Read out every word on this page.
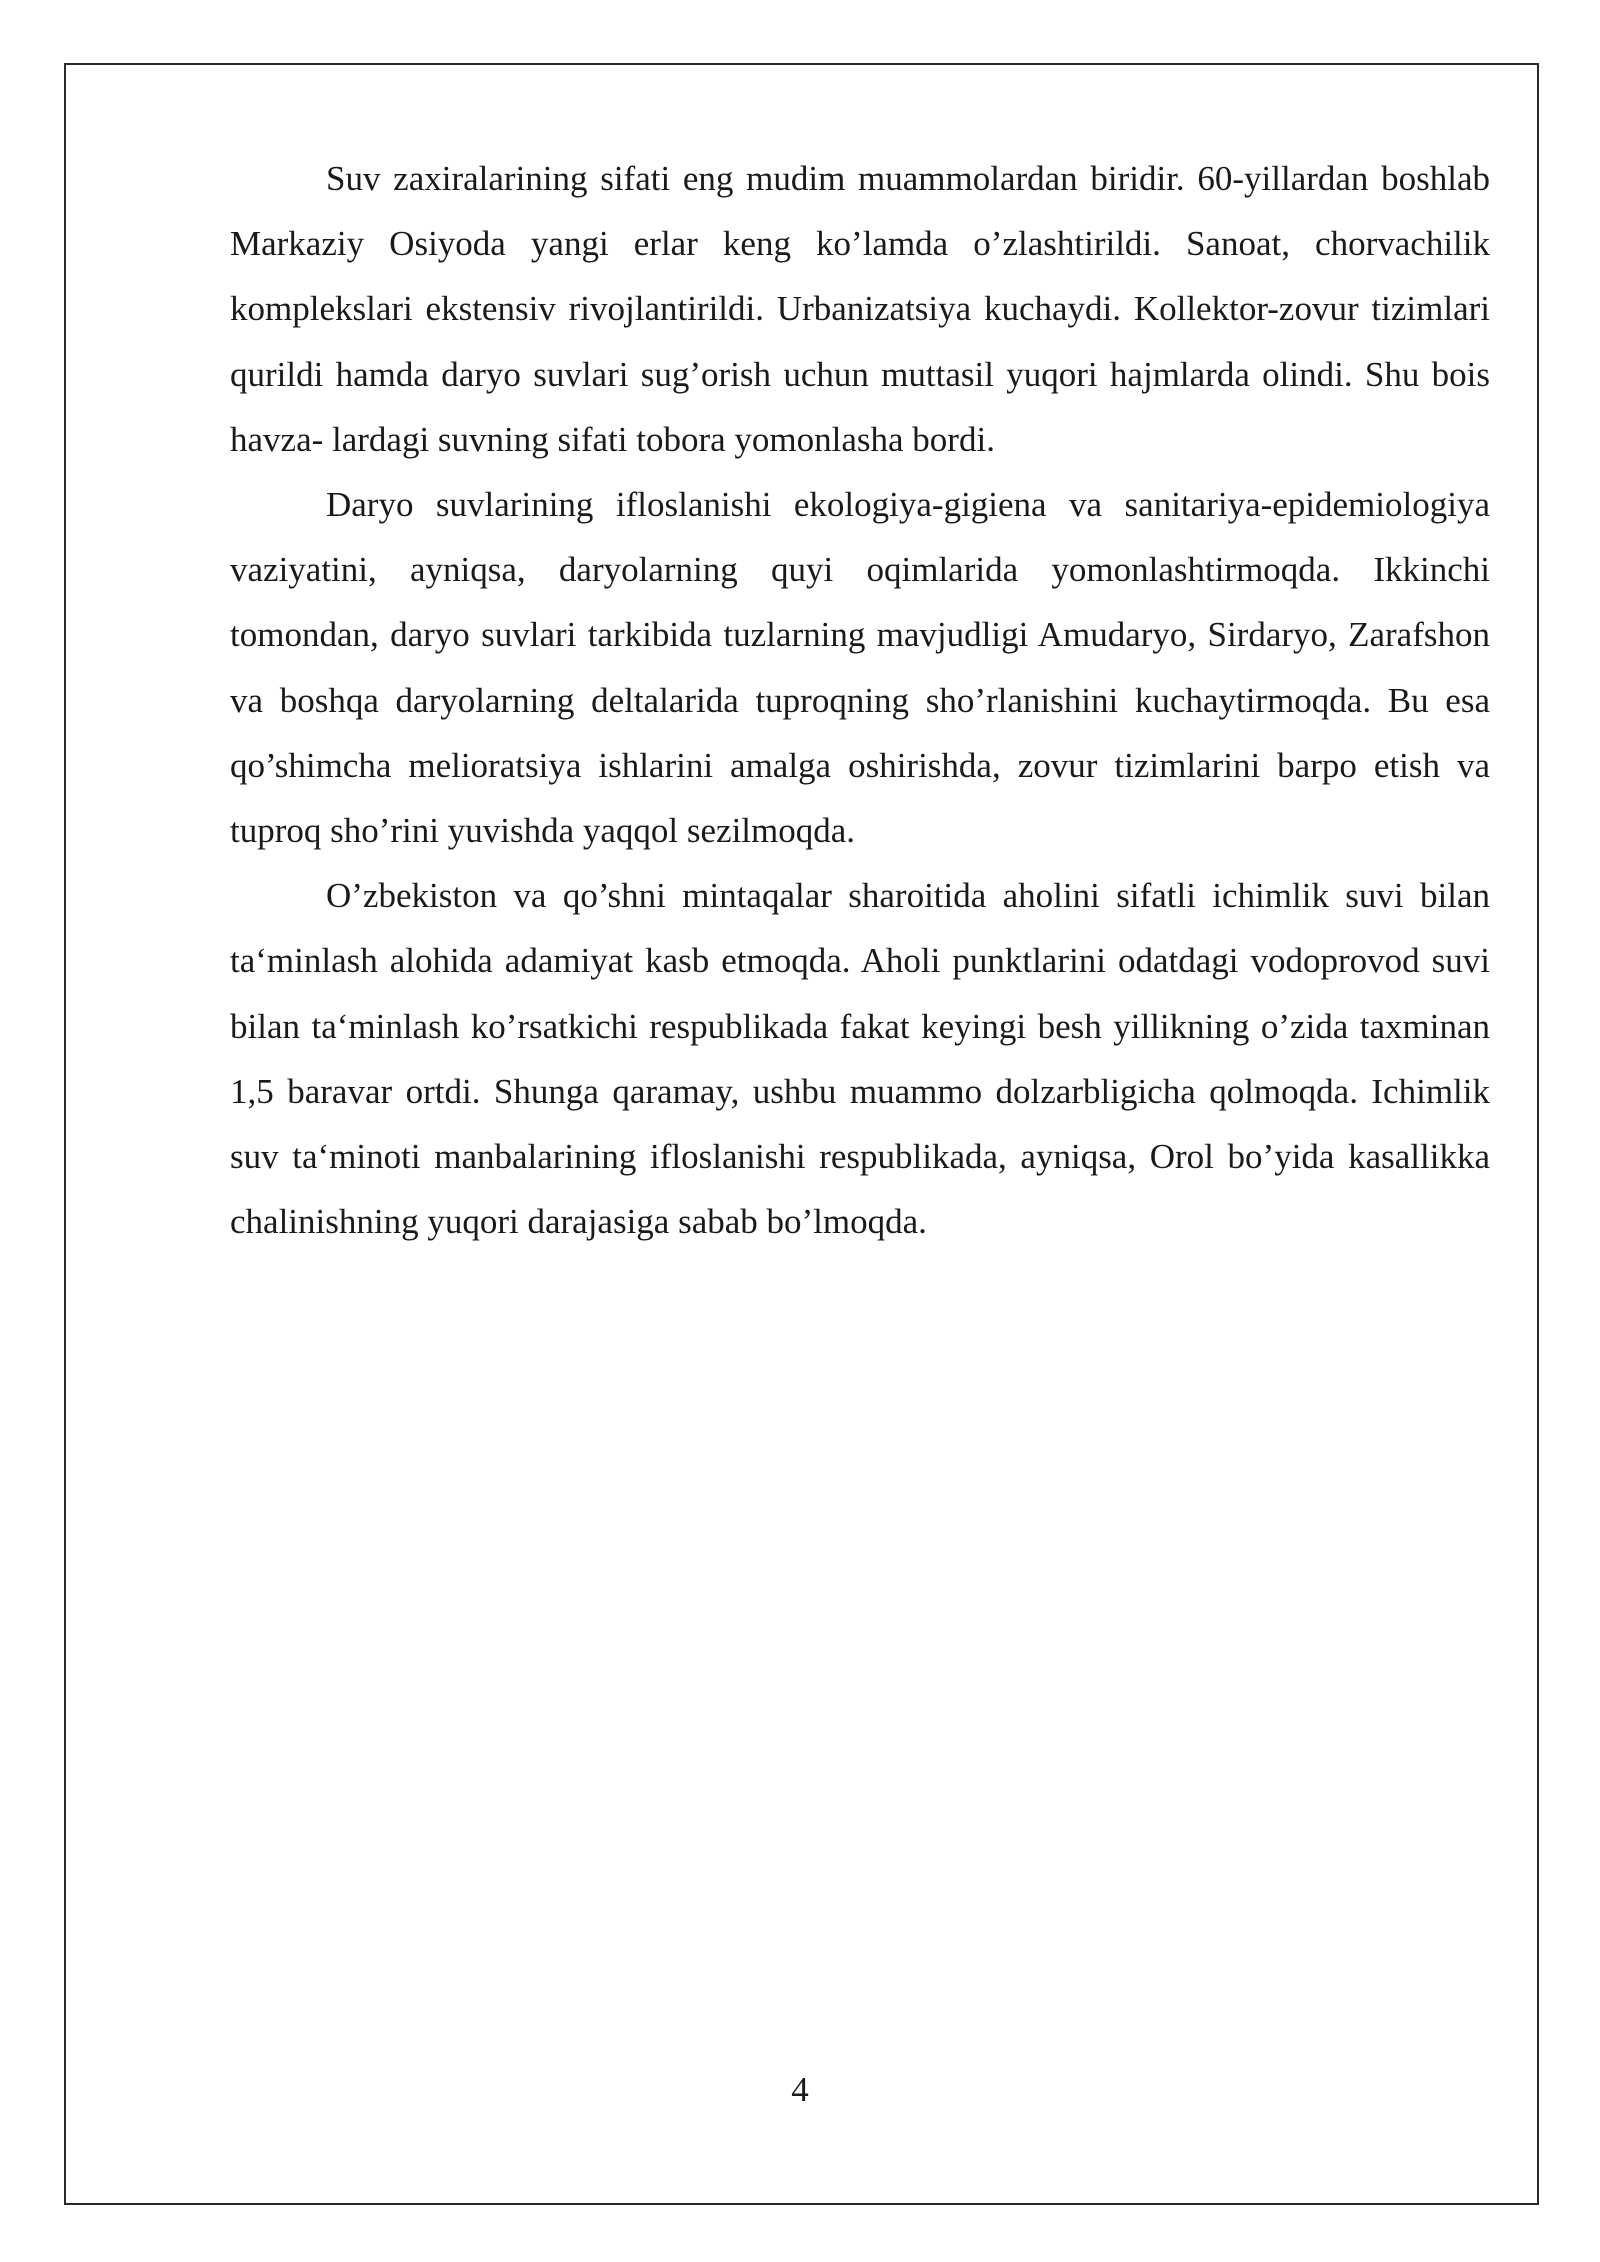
Suv zaxiralarining sifati eng mudim muammolardan biridir. 60-yillardan boshlab Markaziy Osiyoda yangi erlar keng ko’lamda o’zlashtirildi. Sanoat, chorvachilik komplekslari ekstensiv rivojlantirildi. Urbanizatsiya kuchaydi. Kollektor-zovur tizimlari qurildi hamda daryo suvlari sug’orish uchun muttasil yuqori hajmlarda olindi. Shu bois havza- lardagi suvning sifati tobora yomonlasha bordi.

Daryo suvlarining ifloslanishi ekologiya-gigiena va sanitariya-epidemiologiya vaziyatini, ayniqsa, daryolarning quyi oqimlarida yomonlashtirmoqda. Ikkinchi tomondan, daryo suvlari tarkibida tuzlarning mavjudligi Amudaryo, Sirdaryo, Zarafshon va boshqa daryolarning deltalarida tuproqning sho’rlanishini kuchaytirmoqda. Bu esa qo’shimcha melioratsiya ishlarini amalga oshirishda, zovur tizimlarini barpo etish va tuproq sho’rini yuvishda yaqqol sezilmoqda.

O’zbekiston va qo’shni mintaqalar sharoitida aholini sifatli ichimlik suvi bilan ta‘minlash alohida adamiyat kasb etmoqda. Aholi punktlarini odatdagi vodoprovod suvi bilan ta‘minlash ko’rsatkichi respublikada fakat keyingi besh yillikning o’zida taxminan 1,5 baravar ortdi. Shunga qaramay, ushbu muammo dolzarbligicha qolmoqda. Ichimlik suv ta‘minoti manbalarining ifloslanishi respublikada, ayniqsa, Orol bo’yida kasallikka chalinishning yuqori darajasiga sabab bo’lmoqda.

4
